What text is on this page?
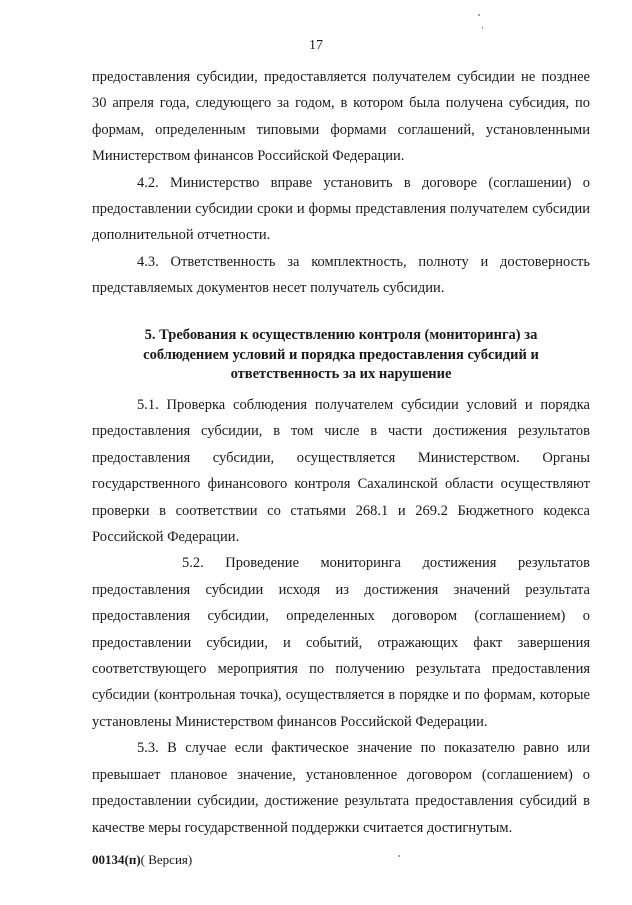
17

предоставления субсидии, предоставляется получателем субсидии не позднее 30 апреля года, следующего за годом, в котором была получена субсидия, по формам, определенным типовыми формами соглашений, установленными Министерством финансов Российской Федерации.

4.2. Министерство вправе установить в договоре (соглашении) о предоставлении субсидии сроки и формы представления получателем субсидии дополнительной отчетности.

4.3. Ответственность за комплектность, полноту и достоверность представляемых документов несет получатель субсидии.

5. Требования к осуществлению контроля (мониторинга) за соблюдением условий и порядка предоставления субсидий и ответственность за их нарушение

5.1. Проверка соблюдения получателем субсидии условий и порядка предоставления субсидии, в том числе в части достижения результатов предоставления субсидии, осуществляется Министерством. Органы государственного финансового контроля Сахалинской области осуществляют проверки в соответствии со статьями 268.1 и 269.2 Бюджетного кодекса Российской Федерации.

5.2. Проведение мониторинга достижения результатов предоставления субсидии исходя из достижения значений результата предоставления субсидии, определенных договором (соглашением) о предоставлении субсидии, и событий, отражающих факт завершения соответствующего мероприятия по получению результата предоставления субсидии (контрольная точка), осуществляется в порядке и по формам, которые установлены Министерством финансов Российской Федерации.

5.3. В случае если фактическое значение по показателю равно или превышает плановое значение, установленное договором (соглашением) о предоставлении субсидии, достижение результата предоставления субсидий в качестве меры государственной поддержки считается достигнутым.

00134(п)( Версия)
